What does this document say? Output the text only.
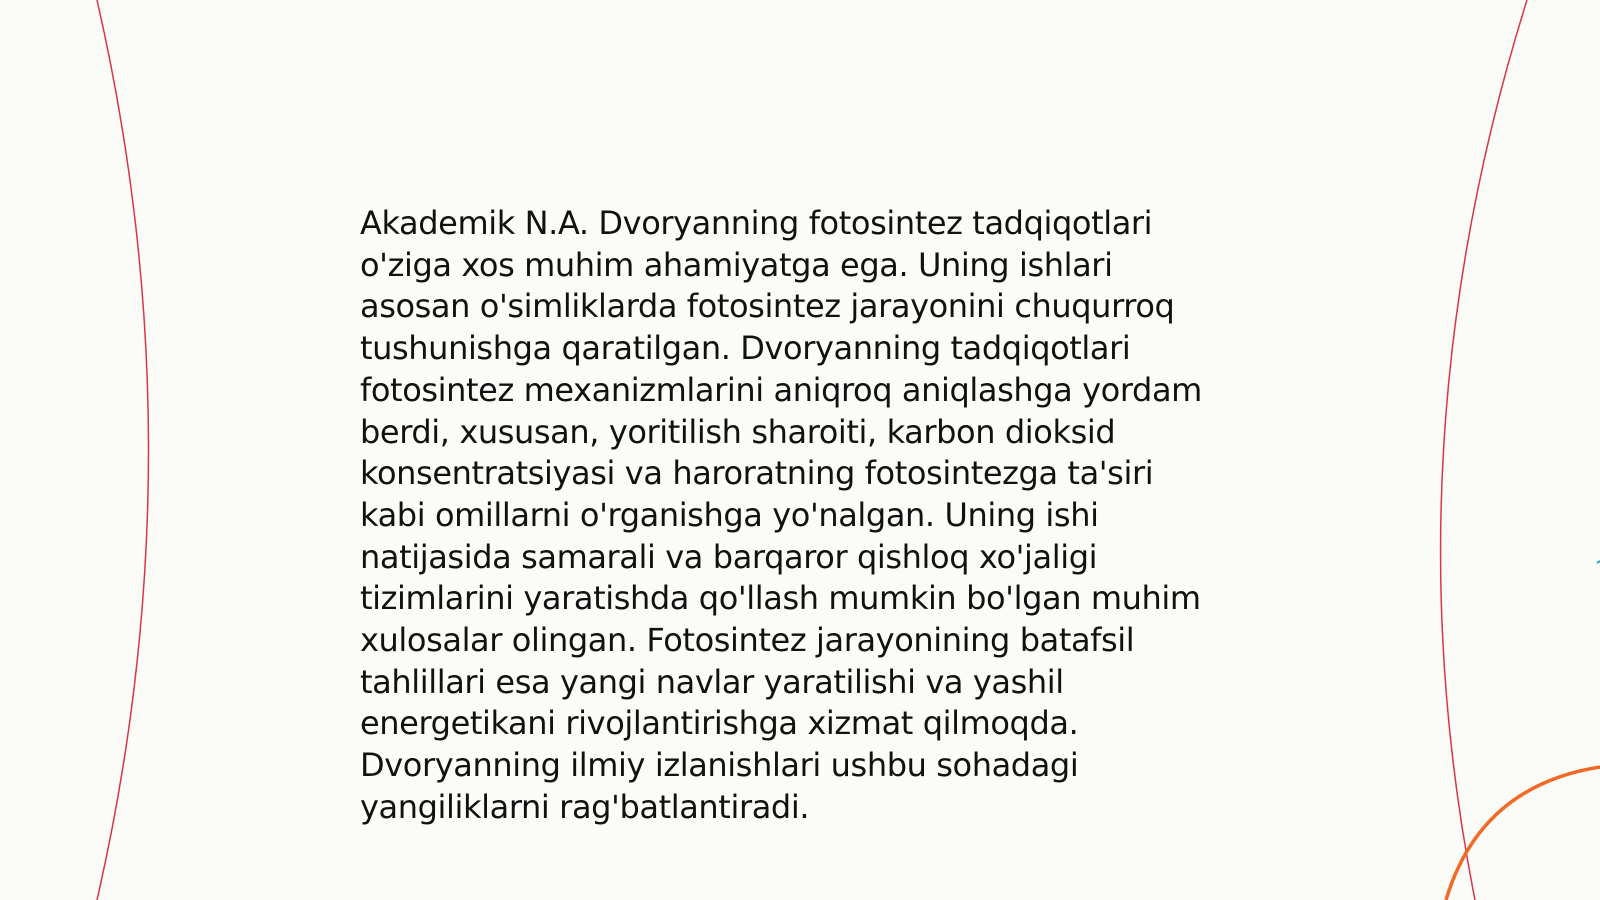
Akademik N.A. Dvoryanning fotosintez tadqiqotlari
o'ziga xos muhim ahamiyatga ega. Uning ishlari
asosan o'simliklarda fotosintez jarayonini chuqurroq
tushunishga qaratilgan. Dvoryanning tadqiqotlari
fotosintez mexanizmlarini aniqroq aniqlashga yordam
berdi, xususan, yoritilish sharoiti, karbon dioksid
konsentratsiyasi va haroratning fotosintezga ta'siri
kabi omillarni o'rganishga yo'nalgan. Uning ishi
natijasida samarali va barqaror qishloq xo'jaligi
tizimlarini yaratishda qo'llash mumkin bo'lgan muhim
xulosalar olingan. Fotosintez jarayonining batafsil
tahlillari esa yangi navlar yaratilishi va yashil
energetikani rivojlantirishga xizmat qilmoqda.
Dvoryanning ilmiy izlanishlari ushbu sohadagi
yangiliklarni rag'batlantiradi.
